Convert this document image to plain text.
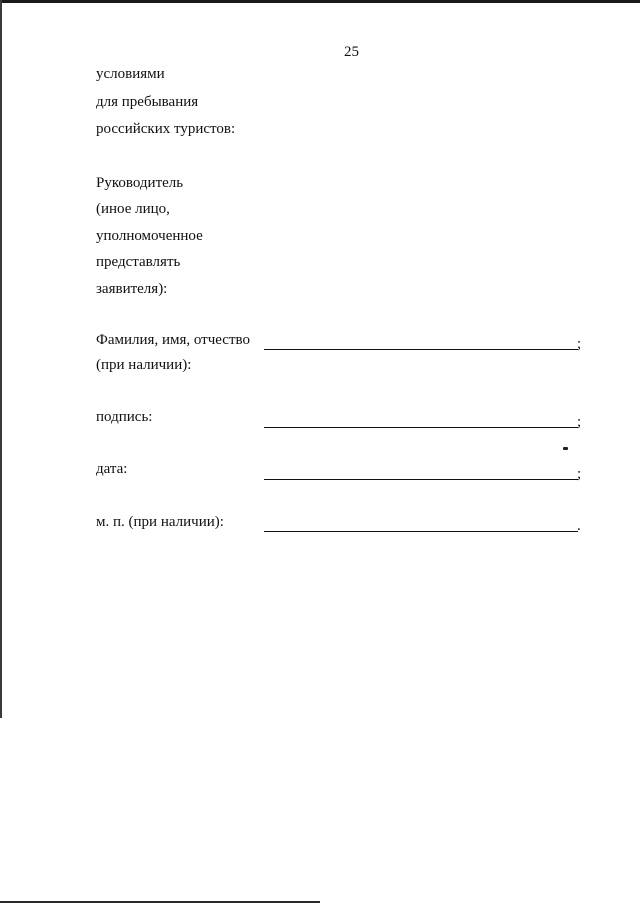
25
условиями
для пребывания
российских туристов:
Руководитель
(иное лицо,
уполномоченное
представлять
заявителя):
Фамилия, имя, отчество	;
(при наличии):
подпись:	;
дата:	;
м. п. (при наличии):	.
